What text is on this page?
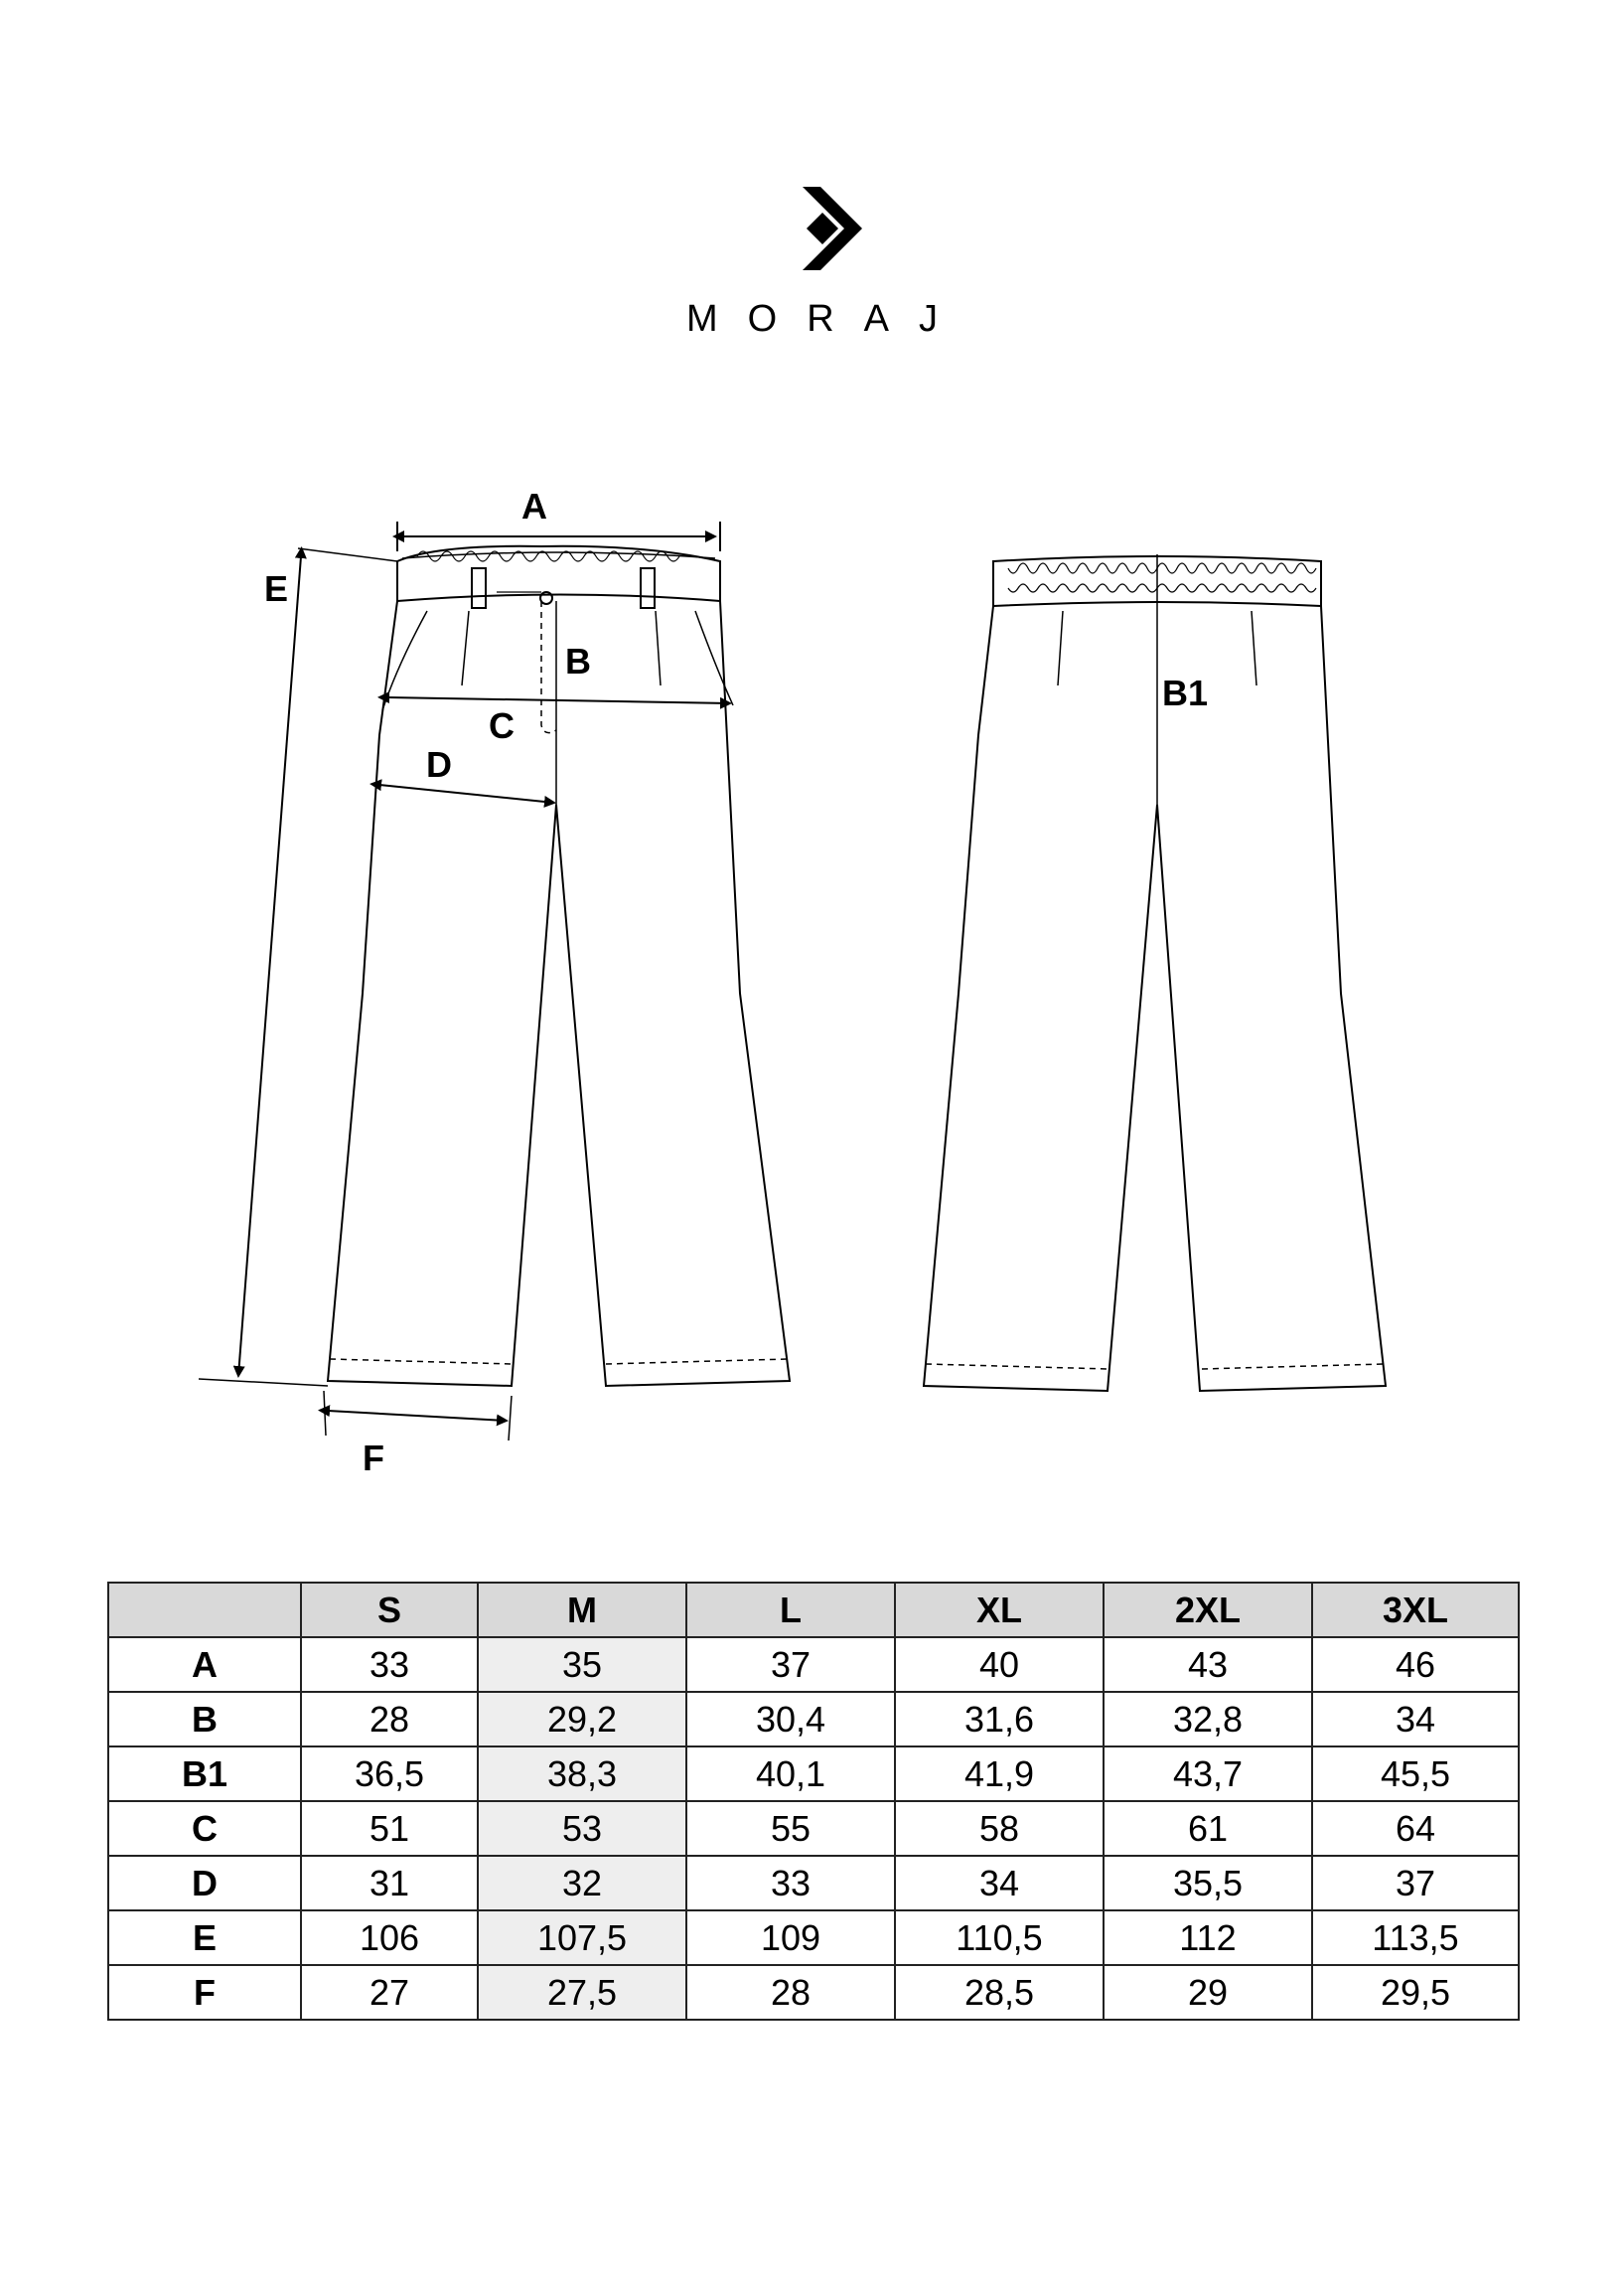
MORAJ
A
E
B
C
D
F
B1
	S	M	L	XL	2XL	3XL
A	33	35	37	40	43	46
B	28	29,2	30,4	31,6	32,8	34
B1	36,5	38,3	40,1	41,9	43,7	45,5
C	51	53	55	58	61	64
D	31	32	33	34	35,5	37
E	106	107,5	109	110,5	112	113,5
F	27	27,5	28	28,5	29	29,5
